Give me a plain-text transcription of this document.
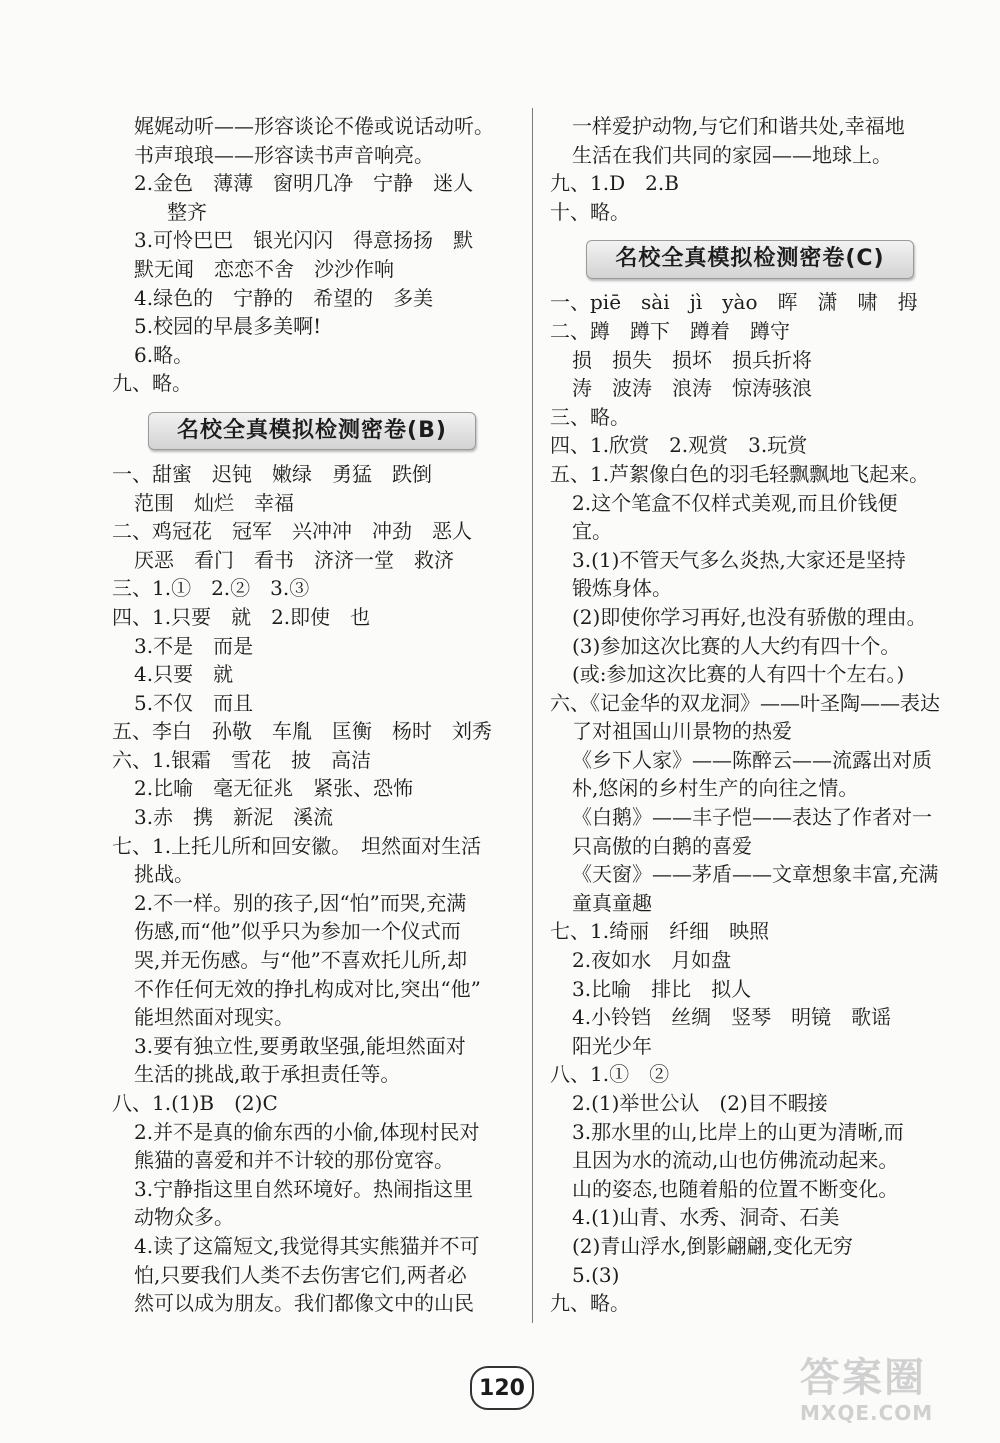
娓娓动听——形容谈论不倦或说话动听。
书声琅琅——形容读书声音响亮。
2.金色　薄薄　窗明几净　宁静　迷人
整齐
3.可怜巴巴　银光闪闪　得意扬扬　默
默无闻　恋恋不舍　沙沙作响
4.绿色的　宁静的　希望的　多美
5.校园的早晨多美啊!
6.略。
九、略。
名校全真模拟检测密卷(B)
一、甜蜜　迟钝　嫩绿　勇猛　跌倒
范围　灿烂　幸福
二、鸡冠花　冠军　兴冲冲　冲劲　恶人
厌恶　看门　看书　济济一堂　救济
三、1.①　2.②　3.③
四、1.只要　就　2.即使　也
3.不是　而是
4.只要　就
5.不仅　而且
五、李白　孙敬　车胤　匡衡　杨时　刘秀
六、1.银霜　雪花　披　高洁
2.比喻　毫无征兆　紧张、恐怖
3.赤　携　新泥　溪流
七、1.上托儿所和回安徽。　坦然面对生活
挑战。
2.不一样。别的孩子,因“怕”而哭,充满
伤感,而“他”似乎只为参加一个仪式而
哭,并无伤感。与“他”不喜欢托儿所,却
不作任何无效的挣扎构成对比,突出“他”
能坦然面对现实。
3.要有独立性,要勇敢坚强,能坦然面对
生活的挑战,敢于承担责任等。
八、1.(1)B　(2)C
2.并不是真的偷东西的小偷,体现村民对
熊猫的喜爱和并不计较的那份宽容。
3.宁静指这里自然环境好。热闹指这里
动物众多。
4.读了这篇短文,我觉得其实熊猫并不可
怕,只要我们人类不去伤害它们,两者必
然可以成为朋友。我们都像文中的山民
一样爱护动物,与它们和谐共处,幸福地
生活在我们共同的家园——地球上。
九、1.D　2.B
十、略。
名校全真模拟检测密卷(C)
一、piē　sài　jì　yào　晖　潇　啸　拇
二、蹲　蹲下　蹲着　蹲守
损　损失　损坏　损兵折将
涛　波涛　浪涛　惊涛骇浪
三、略。
四、1.欣赏　2.观赏　3.玩赏
五、1.芦絮像白色的羽毛轻飘飘地飞起来。
2.这个笔盒不仅样式美观,而且价钱便
宜。
3.(1)不管天气多么炎热,大家还是坚持
锻炼身体。
(2)即使你学习再好,也没有骄傲的理由。
(3)参加这次比赛的人大约有四十个。
(或:参加这次比赛的人有四十个左右。)
六、《记金华的双龙洞》——叶圣陶——表达
了对祖国山川景物的热爱
《乡下人家》——陈醉云——流露出对质
朴,悠闲的乡村生产的向往之情。
《白鹅》——丰子恺——表达了作者对一
只高傲的白鹅的喜爱
《天窗》——茅盾——文章想象丰富,充满
童真童趣
七、1.绮丽　纤细　映照
2.夜如水　月如盘
3.比喻　排比　拟人
4.小铃铛　丝绸　竖琴　明镜　歌谣
阳光少年
八、1.①　②
2.(1)举世公认　(2)目不暇接
3.那水里的山,比岸上的山更为清晰,而
且因为水的流动,山也仿佛流动起来。
山的姿态,也随着船的位置不断变化。
4.(1)山青、水秀、洞奇、石美
(2)青山浮水,倒影翩翩,变化无穷
5.(3)
九、略。
120	答案圈
MXQE.COM
